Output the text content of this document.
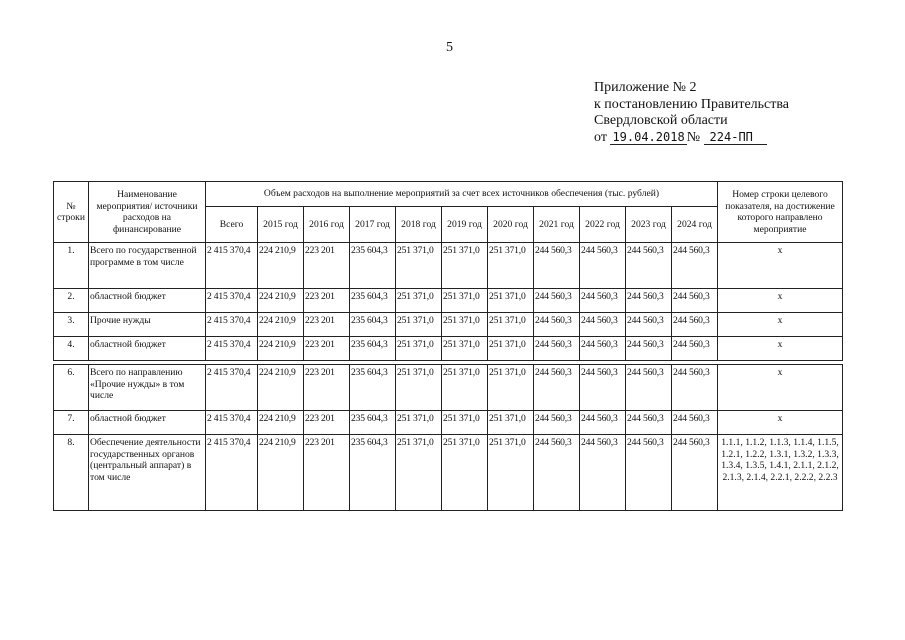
5
Приложение № 2
к постановлению Правительства
Свердловской области
от 19.04.2018 № 224-ПП
№ строки	Наименование мероприятия/ источники расходов на финансирование	Объем расходов на выполнение мероприятий за счет всех источников обеспечения (тыс. рублей)											Номер строки целевого показателя, на достижение которого направлено мероприятие
		Всего	2015 год	2016 год	2017 год	2018 год	2019 год	2020 год	2021 год	2022 год	2023 год	2024 год	
1.	Всего по государственной программе в том числе	2 415 370,4	224 210,9	223 201	235 604,3	251 371,0	251 371,0	251 371,0	244 560,3	244 560,3	244 560,3	244 560,3	х
2.	областной бюджет	2 415 370,4	224 210,9	223 201	235 604,3	251 371,0	251 371,0	251 371,0	244 560,3	244 560,3	244 560,3	244 560,3	х
3.	Прочие нужды	2 415 370,4	224 210,9	223 201	235 604,3	251 371,0	251 371,0	251 371,0	244 560,3	244 560,3	244 560,3	244 560,3	х
4.	областной бюджет	2 415 370,4	224 210,9	223 201	235 604,3	251 371,0	251 371,0	251 371,0	244 560,3	244 560,3	244 560,3	244 560,3	х

6.	Всего по направлению «Прочие нужды» в том числе	2 415 370,4	224 210,9	223 201	235 604,3	251 371,0	251 371,0	251 371,0	244 560,3	244 560,3	244 560,3	244 560,3	х
7.	областной бюджет	2 415 370,4	224 210,9	223 201	235 604,3	251 371,0	251 371,0	251 371,0	244 560,3	244 560,3	244 560,3	244 560,3	х
8.	Обеспечение деятельности государственных органов (центральный аппарат) в том числе	2 415 370,4	224 210,9	223 201	235 604,3	251 371,0	251 371,0	251 371,0	244 560,3	244 560,3	244 560,3	244 560,3	1.1.1, 1.1.2, 1.1.3, 1.1.4, 1.1.5, 1.2.1, 1.2.2, 1.3.1, 1.3.2, 1.3.3, 1.3.4, 1.3.5, 1.4.1, 2.1.1, 2.1.2, 2.1.3, 2.1.4, 2.2.1, 2.2.2, 2.2.3
